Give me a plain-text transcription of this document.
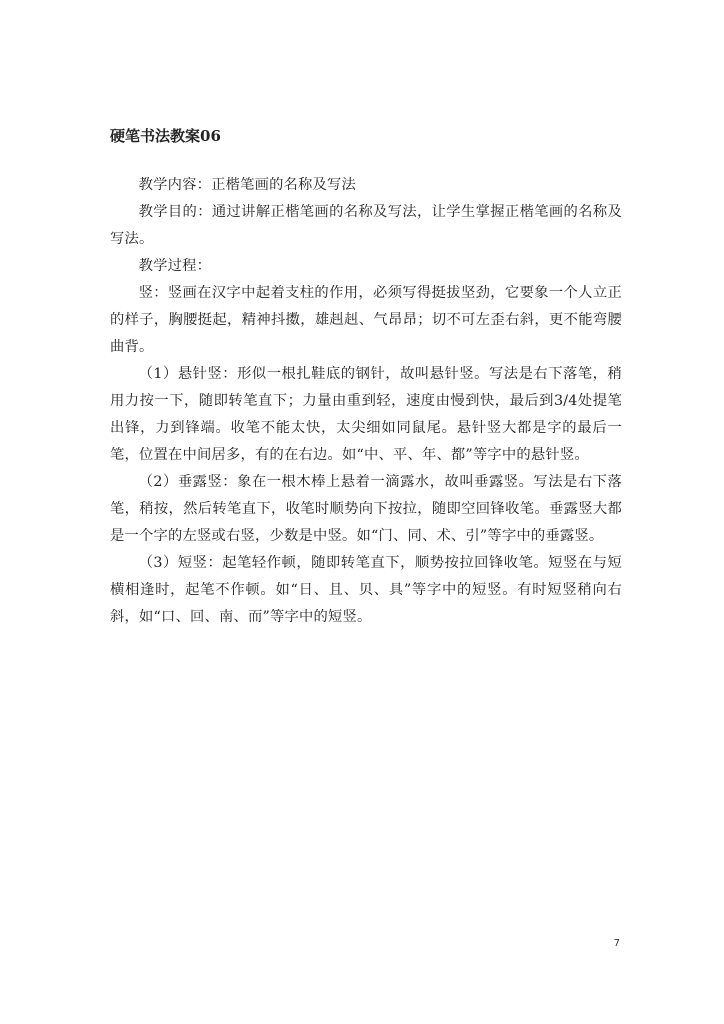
硬笔书法教案06

教学内容：正楷笔画的名称及写法

教学目的：通过讲解正楷笔画的名称及写法，让学生掌握正楷笔画的名称及写法。

教学过程：

竖：竖画在汉字中起着支柱的作用，必须写得挺拔坚劲，它要象一个人立正的样子，胸腰挺起，精神抖擞，雄赳赳、气昂昂；切不可左歪右斜，更不能弯腰曲背。

（1）悬针竖：形似一根扎鞋底的钢针，故叫悬针竖。写法是右下落笔，稍用力按一下，随即转笔直下；力量由重到轻，速度由慢到快，最后到3/4处提笔出锋，力到锋端。收笔不能太快，太尖细如同鼠尾。悬针竖大都是字的最后一笔，位置在中间居多，有的在右边。如“中、平、年、都”等字中的悬针竖。

（2）垂露竖：象在一根木棒上悬着一滴露水，故叫垂露竖。写法是右下落笔，稍按，然后转笔直下，收笔时顺势向下按拉，随即空回锋收笔。垂露竖大都是一个字的左竖或右竖，少数是中竖。如“门、同、术、引”等字中的垂露竖。

（3）短竖：起笔轻作顿，随即转笔直下，顺势按拉回锋收笔。短竖在与短横相逢时，起笔不作顿。如“日、且、贝、具”等字中的短竖。有时短竖稍向右斜，如“口、回、南、而”等字中的短竖。

7
